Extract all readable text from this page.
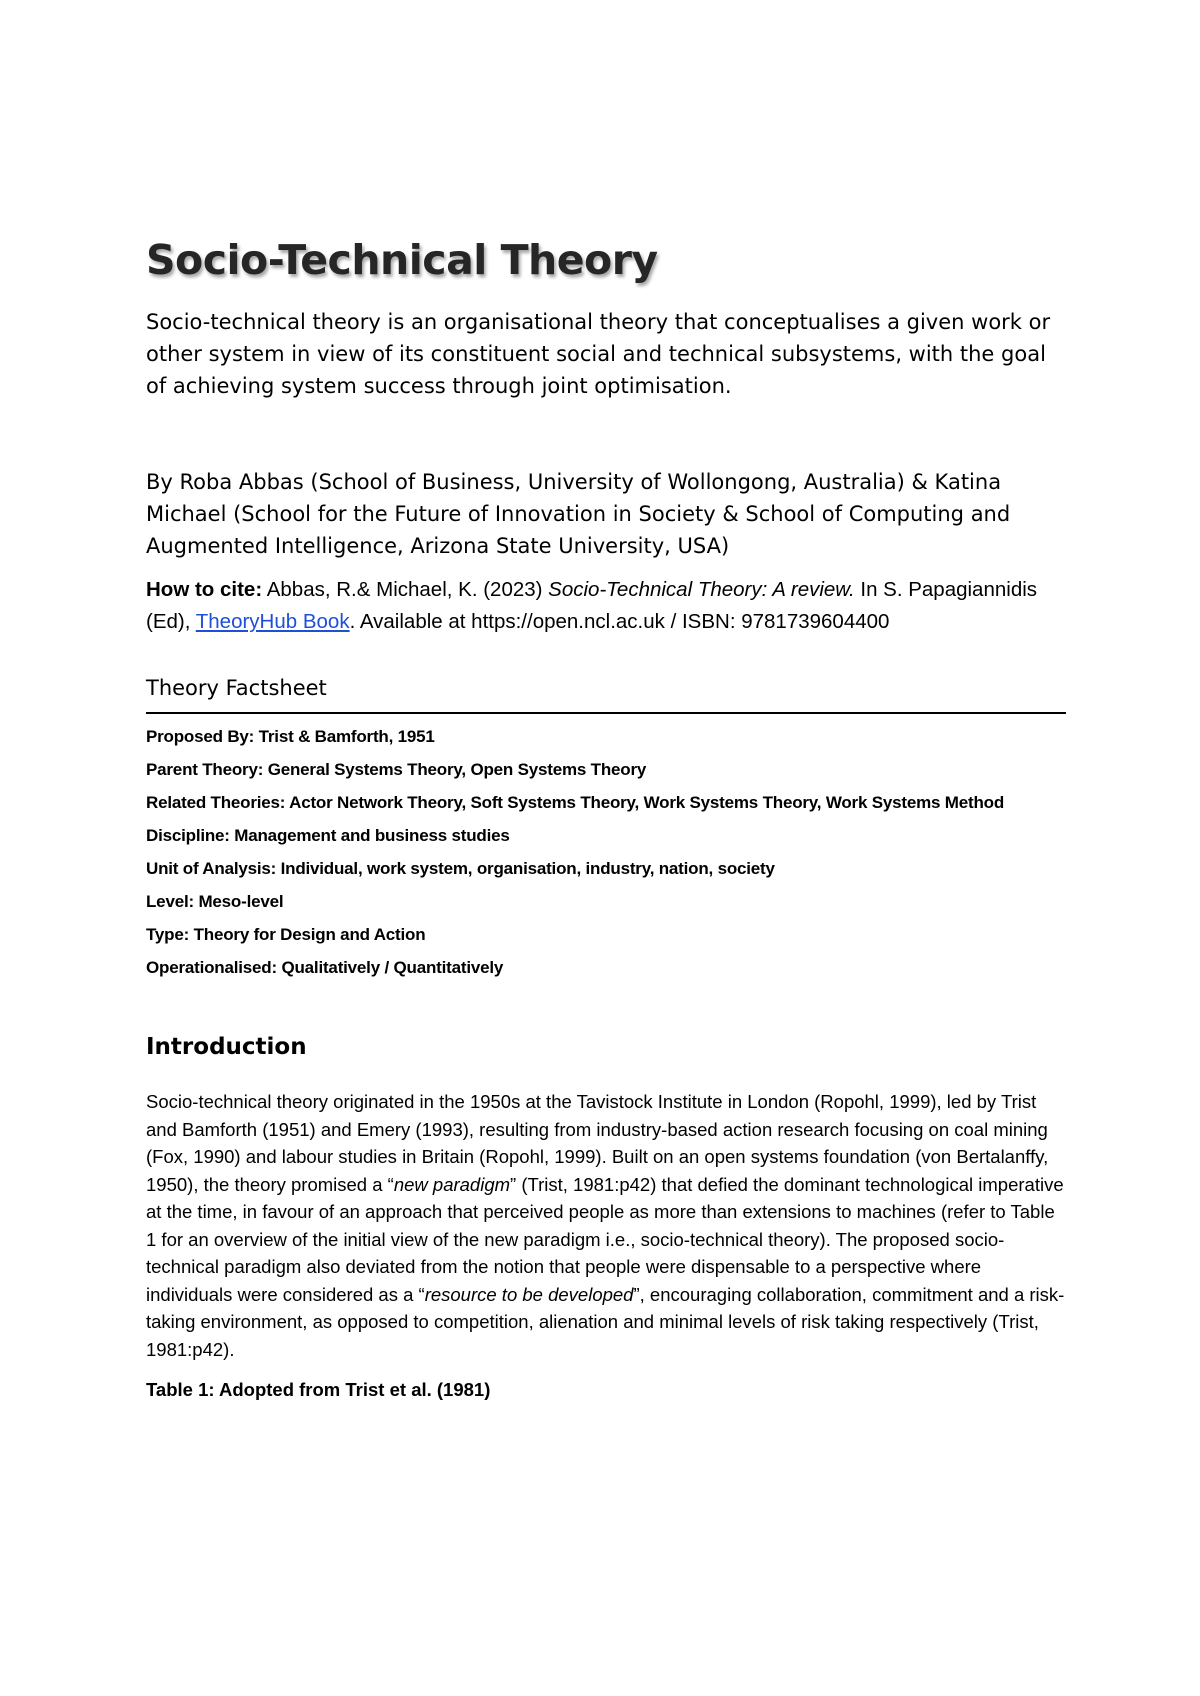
Socio-Technical Theory
Socio-technical theory is an organisational theory that conceptualises a given work or other system in view of its constituent social and technical subsystems, with the goal of achieving system success through joint optimisation.
By Roba Abbas (School of Business, University of Wollongong, Australia) & Katina Michael (School for the Future of Innovation in Society & School of Computing and Augmented Intelligence, Arizona State University, USA)
How to cite: Abbas, R.& Michael, K. (2023) Socio-Technical Theory: A review. In S. Papagiannidis (Ed), TheoryHub Book. Available at https://open.ncl.ac.uk / ISBN: 9781739604400
Theory Factsheet
Proposed By: Trist & Bamforth, 1951
Parent Theory: General Systems Theory, Open Systems Theory
Related Theories: Actor Network Theory, Soft Systems Theory, Work Systems Theory, Work Systems Method
Discipline: Management and business studies
Unit of Analysis: Individual, work system, organisation, industry, nation, society
Level: Meso-level
Type: Theory for Design and Action
Operationalised: Qualitatively / Quantitatively
Introduction
Socio-technical theory originated in the 1950s at the Tavistock Institute in London (Ropohl, 1999), led by Trist and Bamforth (1951) and Emery (1993), resulting from industry-based action research focusing on coal mining (Fox, 1990) and labour studies in Britain (Ropohl, 1999). Built on an open systems foundation (von Bertalanffy, 1950), the theory promised a “new paradigm” (Trist, 1981:p42) that defied the dominant technological imperative at the time, in favour of an approach that perceived people as more than extensions to machines (refer to Table 1 for an overview of the initial view of the new paradigm i.e., socio-technical theory). The proposed socio-technical paradigm also deviated from the notion that people were dispensable to a perspective where individuals were considered as a “resource to be developed”, encouraging collaboration, commitment and a risk-taking environment, as opposed to competition, alienation and minimal levels of risk taking respectively (Trist, 1981:p42).
Table 1: Adopted from Trist et al. (1981)
